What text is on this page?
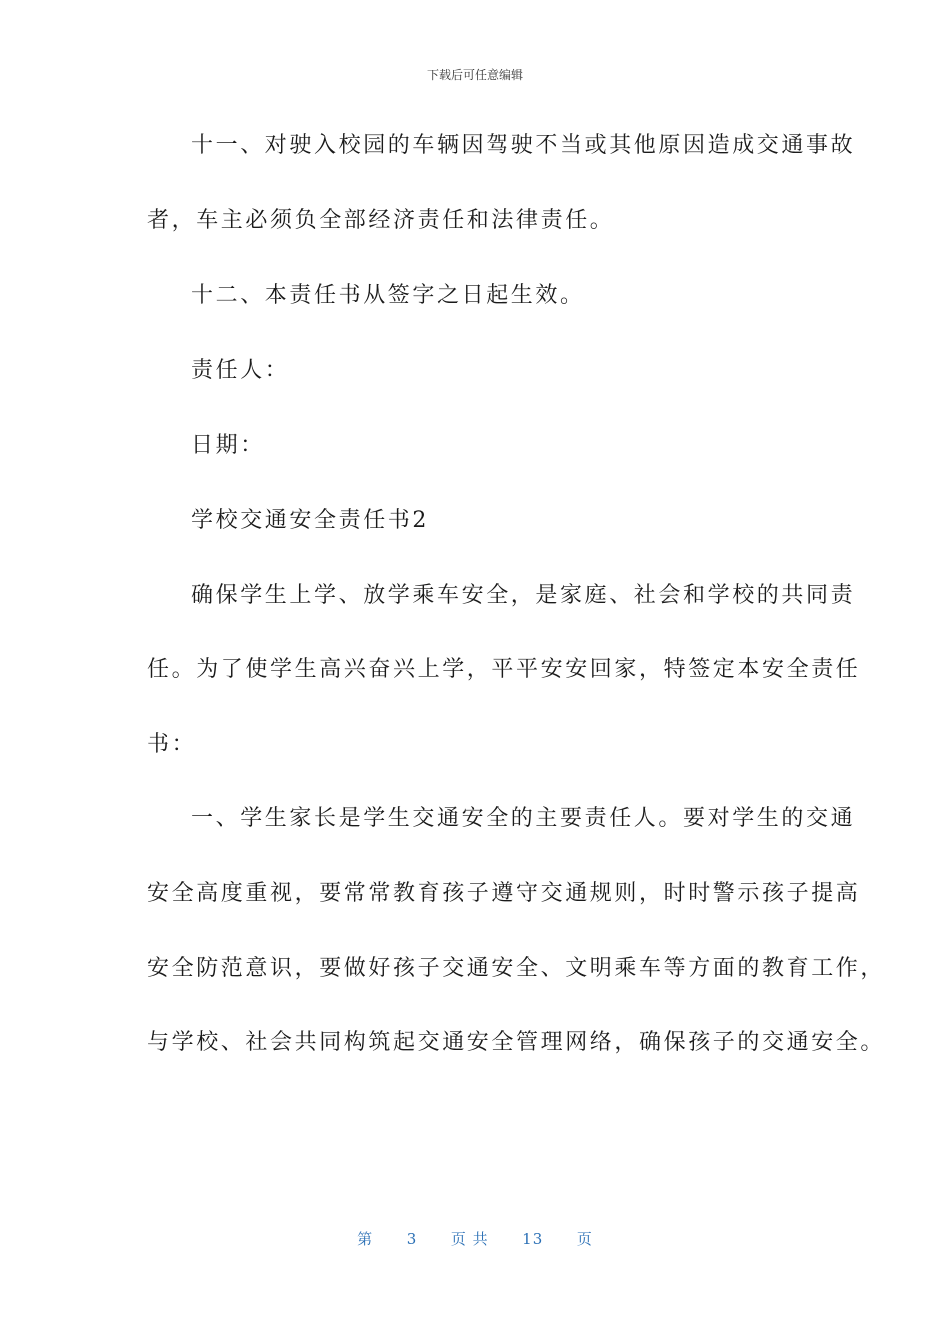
下载后可任意编辑
十一、对驶入校园的车辆因驾驶不当或其他原因造成交通事故
者，车主必须负全部经济责任和法律责任。
十二、本责任书从签字之日起生效。
责任人：
日期：
学校交通安全责任书2
确保学生上学、放学乘车安全，是家庭、社会和学校的共同责
任。为了使学生高兴奋兴上学，平平安安回家，特签定本安全责任
书：
一、学生家长是学生交通安全的主要责任人。要对学生的交通
安全高度重视，要常常教育孩子遵守交通规则，时时警示孩子提高
安全防范意识，要做好孩子交通安全、文明乘车等方面的教育工作，
与学校、社会共同构筑起交通安全管理网络，确保孩子的交通安全。
第 3 页 共 13 页
